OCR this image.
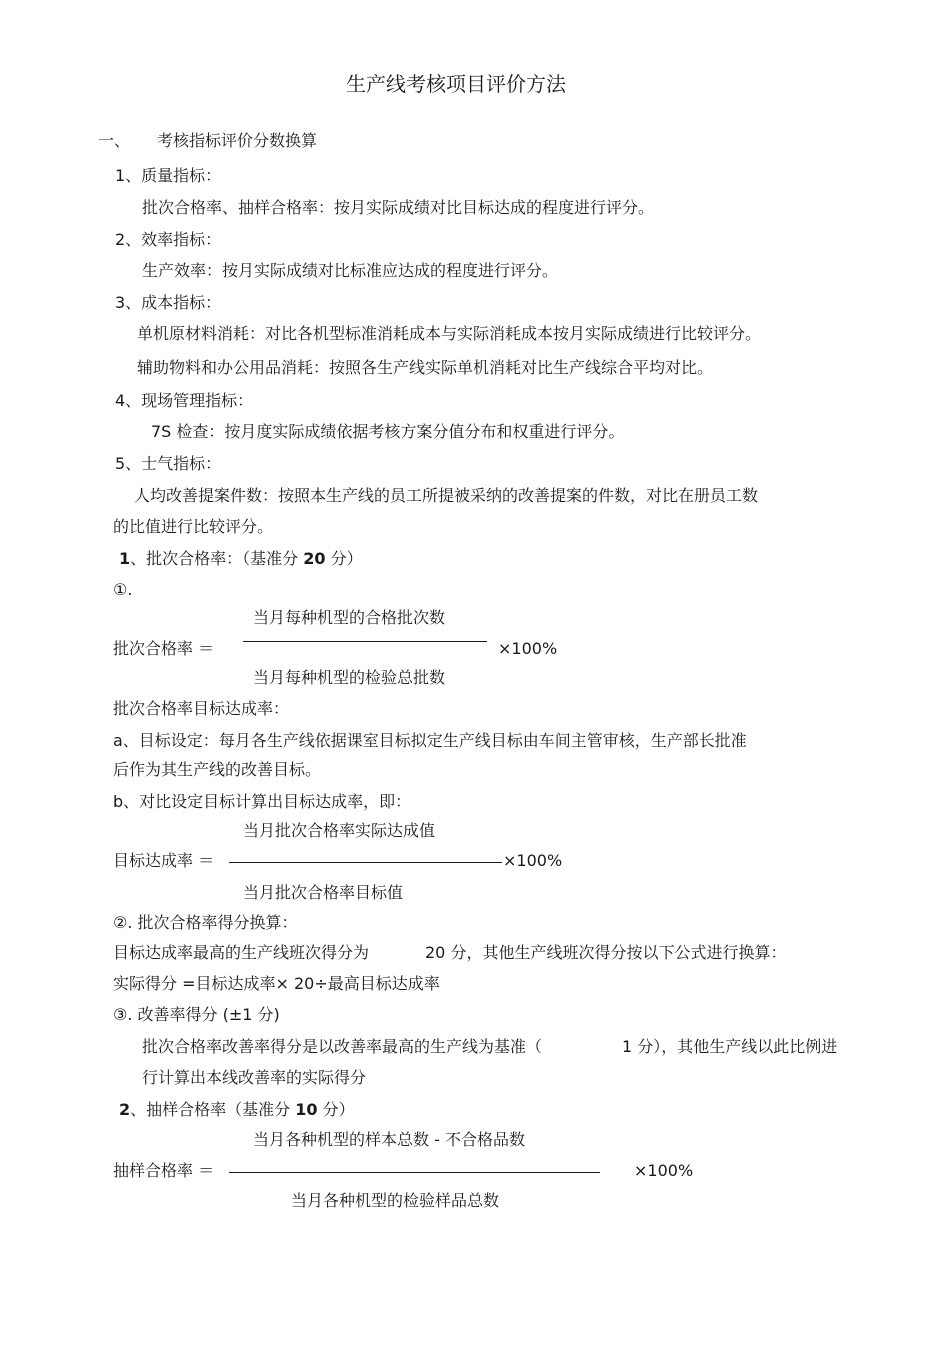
生产线考核项目评价方法
一、 考核指标评价分数换算
1、质量指标：
批次合格率、抽样合格率：按月实际成绩对比目标达成的程度进行评分。
2、效率指标：
生产效率：按月实际成绩对比标准应达成的程度进行评分。
3、成本指标：
单机原材料消耗：对比各机型标准消耗成本与实际消耗成本按月实际成绩进行比较评分。
辅助物料和办公用品消耗：按照各生产线实际单机消耗对比生产线综合平均对比。
4、现场管理指标：
7S 检查：按月度实际成绩依据考核方案分值分布和权重进行评分。
5、士气指标：
人均改善提案件数：按照本生产线的员工所提被采纳的改善提案的件数，对比在册员工数
的比值进行比较评分。
1、批次合格率：（基准分 20 分）
①.
当月每种机型的合格批次数
批次合格率 ＝	×100%
当月每种机型的检验总批数
批次合格率目标达成率：
a、目标设定：每月各生产线依据课室目标拟定生产线目标由车间主管审核，生产部长批准
后作为其生产线的改善目标。
b、对比设定目标计算出目标达成率，即：
当月批次合格率实际达成值
目标达成率 ＝	×100%
当月批次合格率目标值
②. 批次合格率得分换算：
目标达成率最高的生产线班次得分为	20 分，其他生产线班次得分按以下公式进行换算：
实际得分 =目标达成率× 20÷最高目标达成率
③. 改善率得分 (±1 分)
批次合格率改善率得分是以改善率最高的生产线为基准（	1 分），其他生产线以此比例进
行计算出本线改善率的实际得分
2、抽样合格率（基准分 10 分）
当月各种机型的样本总数 - 不合格品数
抽样合格率 ＝	×100%
当月各种机型的检验样品总数
